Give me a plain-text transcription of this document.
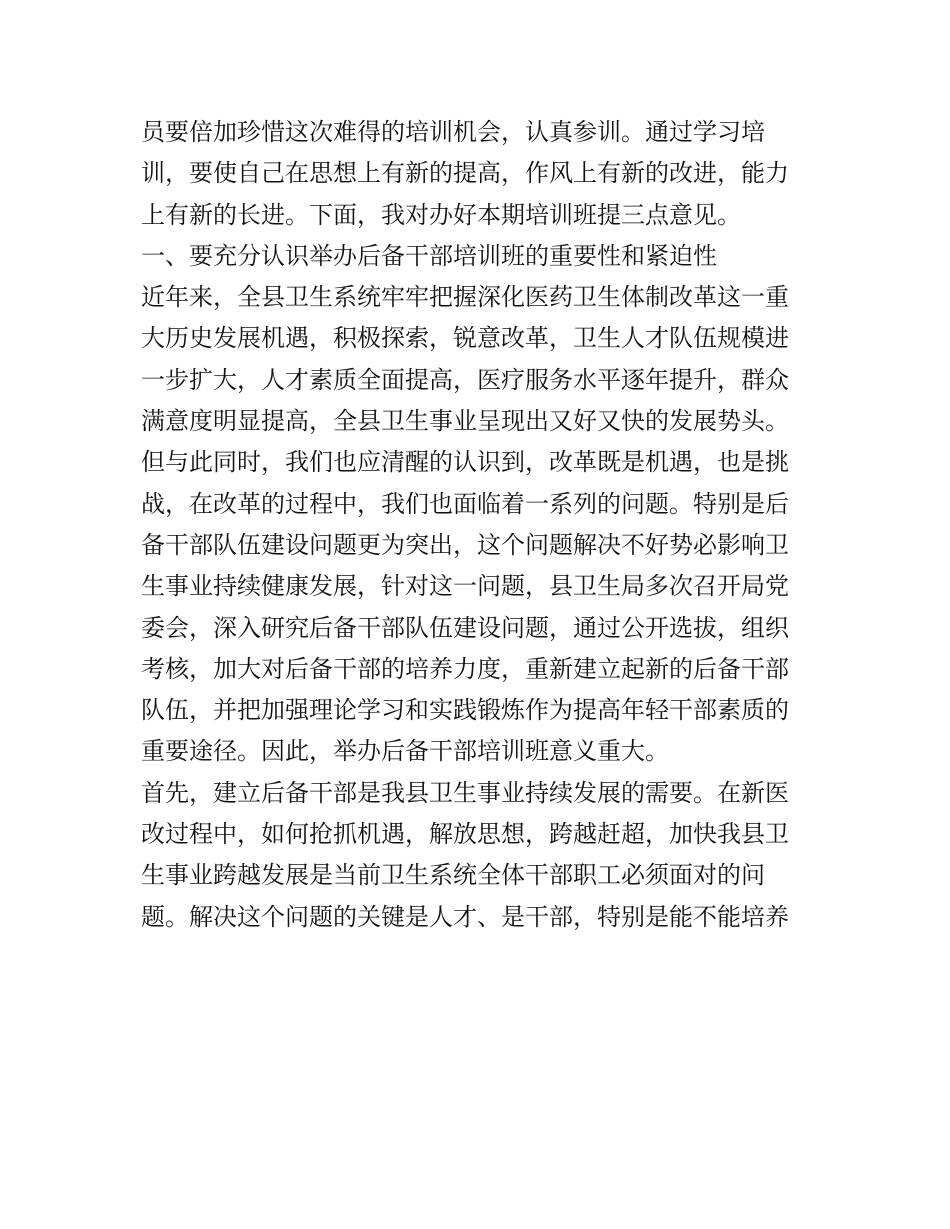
员要倍加珍惜这次难得的培训机会，认真参训。通过学习培
训，要使自己在思想上有新的提高，作风上有新的改进，能力
上有新的长进。下面，我对办好本期培训班提三点意见。
一、要充分认识举办后备干部培训班的重要性和紧迫性
近年来，全县卫生系统牢牢把握深化医药卫生体制改革这一重
大历史发展机遇，积极探索，锐意改革，卫生人才队伍规模进
一步扩大，人才素质全面提高，医疗服务水平逐年提升，群众
满意度明显提高，全县卫生事业呈现出又好又快的发展势头。
但与此同时，我们也应清醒的认识到，改革既是机遇，也是挑
战，在改革的过程中，我们也面临着一系列的问题。特别是后
备干部队伍建设问题更为突出，这个问题解决不好势必影响卫
生事业持续健康发展，针对这一问题，县卫生局多次召开局党
委会，深入研究后备干部队伍建设问题，通过公开选拔，组织
考核，加大对后备干部的培养力度，重新建立起新的后备干部
队伍，并把加强理论学习和实践锻炼作为提高年轻干部素质的
重要途径。因此，举办后备干部培训班意义重大。
首先，建立后备干部是我县卫生事业持续发展的需要。在新医
改过程中，如何抢抓机遇，解放思想，跨越赶超，加快我县卫
生事业跨越发展是当前卫生系统全体干部职工必须面对的问
题。解决这个问题的关键是人才、是干部，特别是能不能培养
